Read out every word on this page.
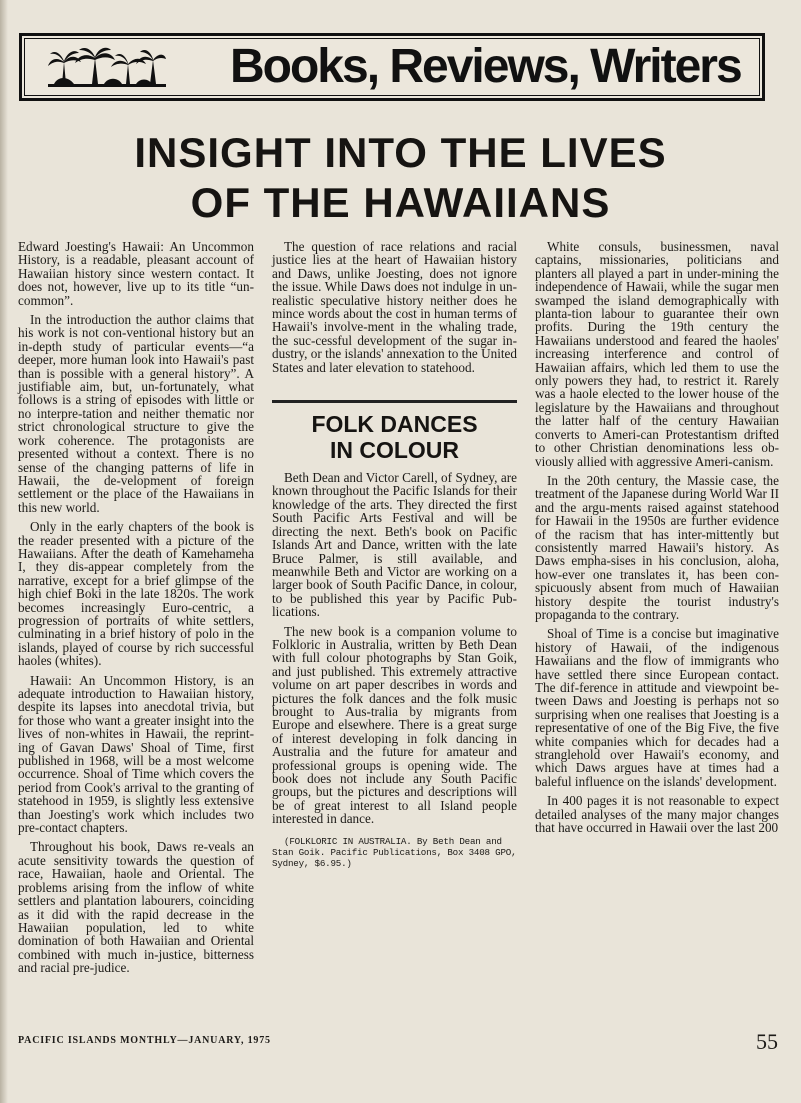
Books, Reviews, Writers
INSIGHT INTO THE LIVES
OF THE HAWAIIANS

Edward Joesting's Hawaii: An Uncommon History, is a readable, pleasant account of Hawaiian history since western contact. It does not, however, live up to its title “un-common”.

In the introduction the author claims that his work is not con-ventional history but an in-depth study of particular events—“a deeper, more human look into Hawaii's past than is possible with a general history”. A justifiable aim, but, un-fortunately, what follows is a string of episodes with little or no interpre-tation and neither thematic nor strict chronological structure to give the work coherence. The protagonists are presented without a context. There is no sense of the changing patterns of life in Hawaii, the de-velopment of foreign settlement or the place of the Hawaiians in this new world.

Only in the early chapters of the book is the reader presented with a picture of the Hawaiians. After the death of Kamehameha I, they dis-appear completely from the narrative, except for a brief glimpse of the high chief Boki in the late 1820s. The work becomes increasingly Euro-centric, a progression of portraits of white settlers, culminating in a brief history of polo in the islands, played of course by rich successful haoles (whites).

Hawaii: An Uncommon History, is an adequate introduction to Hawaiian history, despite its lapses into anecdotal trivia, but for those who want a greater insight into the lives of non-whites in Hawaii, the reprint-ing of Gavan Daws' Shoal of Time, first published in 1968, will be a most welcome occurrence. Shoal of Time which covers the period from Cook's arrival to the granting of statehood in 1959, is slightly less extensive than Joesting's work which includes two pre-contact chapters.

Throughout his book, Daws re-veals an acute sensitivity towards the question of race, Hawaiian, haole and Oriental. The problems arising from the inflow of white settlers and plantation labourers, coinciding as it did with the rapid decrease in the Hawaiian population, led to white domination of both Hawaiian and Oriental combined with much in-justice, bitterness and racial pre-judice.

The question of race relations and racial justice lies at the heart of Hawaiian history and Daws, unlike Joesting, does not ignore the issue. While Daws does not indulge in un-realistic speculative history neither does he mince words about the cost in human terms of Hawaii's involve-ment in the whaling trade, the suc-cessful development of the sugar in-dustry, or the islands' annexation to the United States and later elevation to statehood.

FOLK DANCES
IN COLOUR

Beth Dean and Victor Carell, of Sydney, are known throughout the Pacific Islands for their knowledge of the arts. They directed the first South Pacific Arts Festival and will be directing the next. Beth's book on Pacific Islands Art and Dance, written with the late Bruce Palmer, is still available, and meanwhile Beth and Victor are working on a larger book of South Pacific Dance, in colour, to be published this year by Pacific Pub-lications.

The new book is a companion volume to Folkloric in Australia, written by Beth Dean with full colour photographs by Stan Goik, and just published. This extremely attractive volume on art paper describes in words and pictures the folk dances and the folk music brought to Aus-tralia by migrants from Europe and elsewhere. There is a great surge of interest developing in folk dancing in Australia and the future for amateur and professional groups is opening wide. The book does not include any South Pacific groups, but the pictures and descriptions will be of great interest to all Island people interested in dance.

(FOLKLORIC IN AUSTRALIA. By Beth Dean and Stan Goik. Pacific Publications, Box 3408 GPO, Sydney, $6.95.)

White consuls, businessmen, naval captains, missionaries, politicians and planters all played a part in under-mining the independence of Hawaii, while the sugar men swamped the island demographically with planta-tion labour to guarantee their own profits. During the 19th century the Hawaiians understood and feared the haoles' increasing interference and control of Hawaiian affairs, which led them to use the only powers they had, to restrict it. Rarely was a haole elected to the lower house of the legislature by the Hawaiians and throughout the latter half of the century Hawaiian converts to Ameri-can Protestantism drifted to other Christian denominations less ob-viously allied with aggressive Ameri-canism.

In the 20th century, the Massie case, the treatment of the Japanese during World War II and the argu-ments raised against statehood for Hawaii in the 1950s are further evidence of the racism that has inter-mittently but consistently marred Hawaii's history. As Daws empha-sises in his conclusion, aloha, how-ever one translates it, has been con-spicuously absent from much of Hawaiian history despite the tourist industry's propaganda to the contrary.

Shoal of Time is a concise but imaginative history of Hawaii, of the indigenous Hawaiians and the flow of immigrants who have settled there since European contact. The dif-ference in attitude and viewpoint be-tween Daws and Joesting is perhaps not so surprising when one realises that Joesting is a representative of one of the Big Five, the five white companies which for decades had a stranglehold over Hawaii's economy, and which Daws argues have at times had a baleful influence on the islands' development.

In 400 pages it is not reasonable to expect detailed analyses of the many major changes that have occurred in Hawaii over the last 200

PACIFIC ISLANDS MONTHLY—JANUARY, 1975	55
